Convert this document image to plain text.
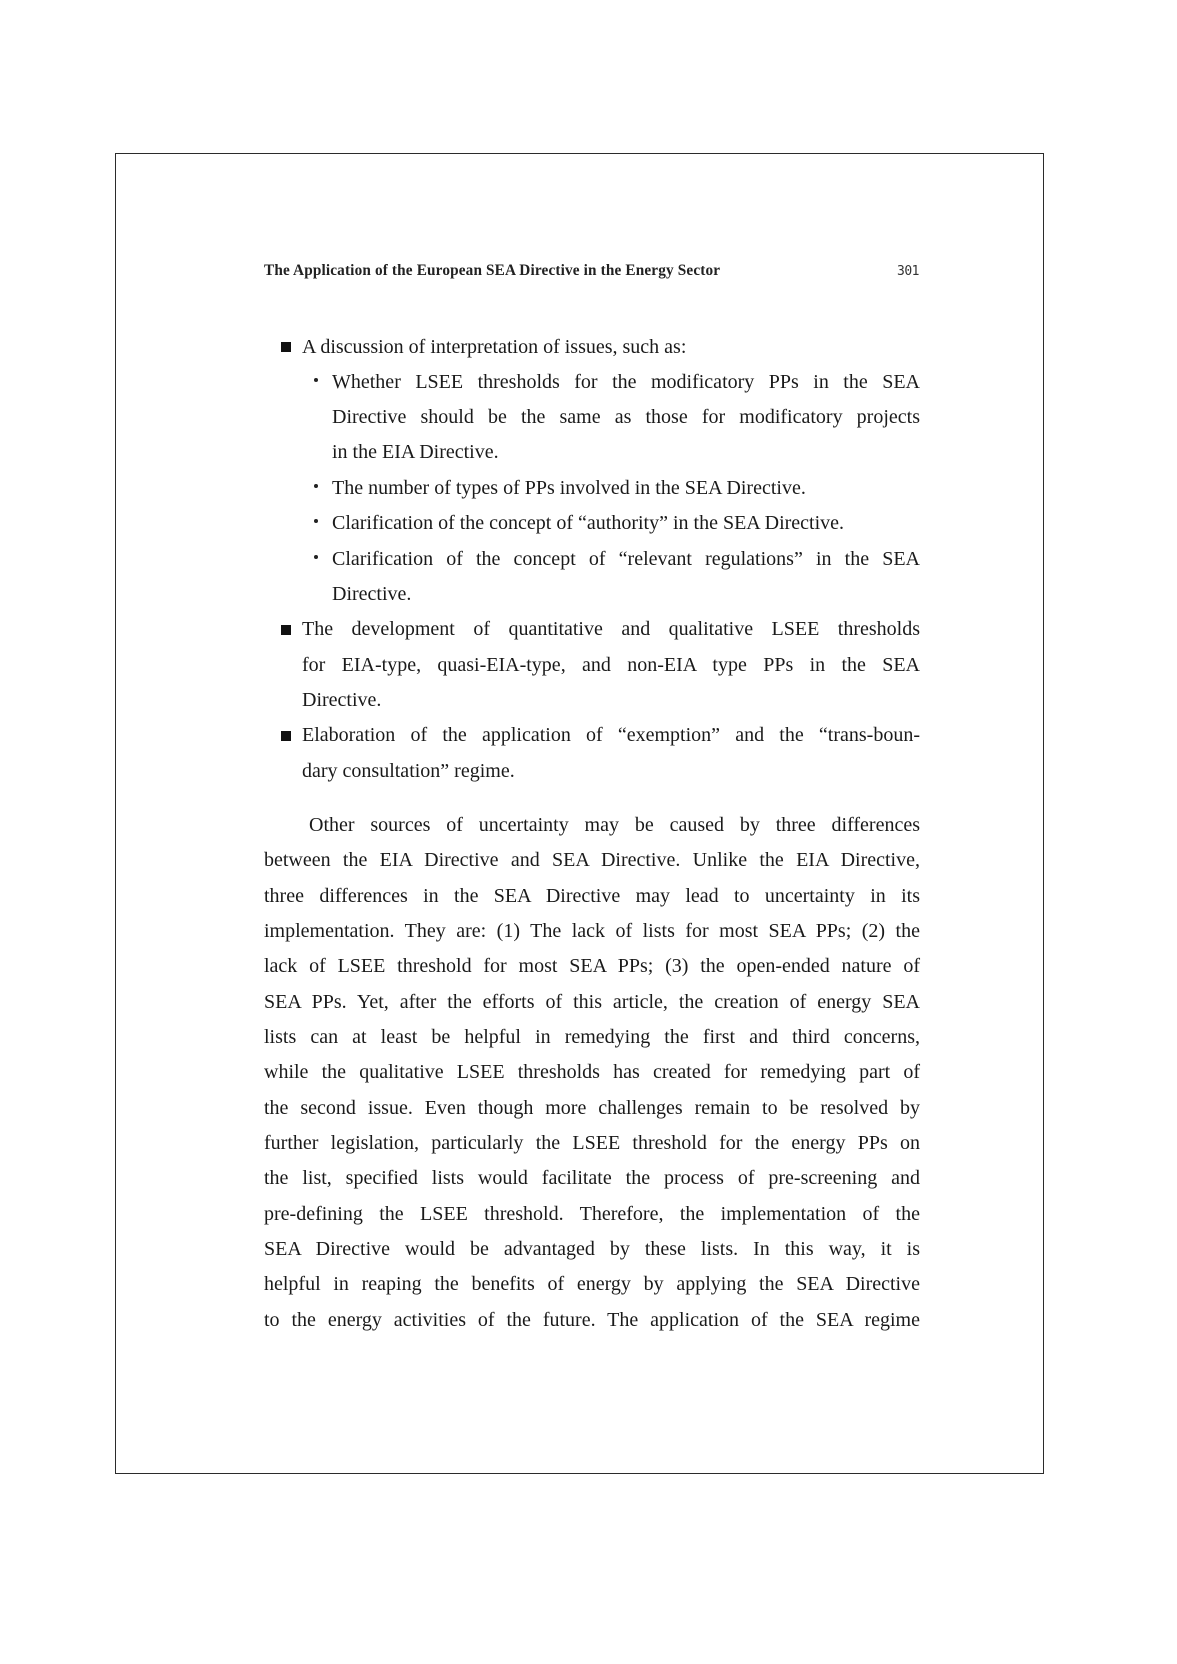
The Application of the European SEA Directive in the Energy Sector	301
A discussion of interpretation of issues, such as:
Whether LSEE thresholds for the modificatory PPs in the SEA
Directive should be the same as those for modificatory projects
in the EIA Directive.
The number of types of PPs involved in the SEA Directive.
Clarification of the concept of “authority” in the SEA Directive.
Clarification of the concept of “relevant regulations” in the SEA
Directive.
The development of quantitative and qualitative LSEE thresholds
for EIA-type, quasi-EIA-type, and non-EIA type PPs in the SEA
Directive.
Elaboration of the application of “exemption” and the “trans-boun-
dary consultation” regime.
Other sources of uncertainty may be caused by three differences
between the EIA Directive and SEA Directive. Unlike the EIA Directive,
three differences in the SEA Directive may lead to uncertainty in its
implementation. They are: (1) The lack of lists for most SEA PPs; (2) the
lack of LSEE threshold for most SEA PPs; (3) the open-ended nature of
SEA PPs. Yet, after the efforts of this article, the creation of energy SEA
lists can at least be helpful in remedying the first and third concerns,
while the qualitative LSEE thresholds has created for remedying part of
the second issue. Even though more challenges remain to be resolved by
further legislation, particularly the LSEE threshold for the energy PPs on
the list, specified lists would facilitate the process of pre-screening and
pre-defining the LSEE threshold. Therefore, the implementation of the
SEA Directive would be advantaged by these lists. In this way, it is
helpful in reaping the benefits of energy by applying the SEA Directive
to the energy activities of the future. The application of the SEA regime
